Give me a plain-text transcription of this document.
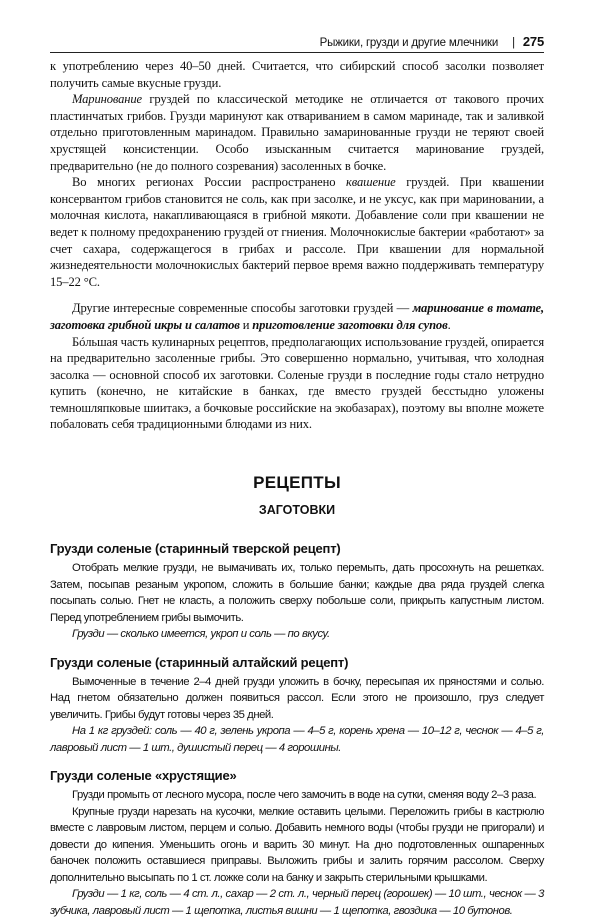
Рыжики, грузди и другие млечники | 275

к употреблению через 40–50 дней. Считается, что сибирский способ засолки позволяет получить самые вкусные грузди.

Маринование груздей по классической методике не отличается от такового прочих пластинчатых грибов. Грузди маринуют как отвариванием в самом маринаде, так и заливкой отдельно приготовленным маринадом. Правильно замаринованные грузди не теряют своей хрустящей консистенции. Особо изысканным считается маринование груздей, предварительно (не до полного созревания) засоленных в бочке.

Во многих регионах России распространено квашение груздей. При квашении консервантом грибов становится не соль, как при засолке, и не уксус, как при мариновании, а молочная кислота, накапливающаяся в грибной мякоти. Добавление соли при квашении не ведет к полному предохранению груздей от гниения. Молочнокислые бактерии «работают» за счет сахара, содержащегося в грибах и рассоле. При квашении для нормальной жизнедеятельности молочнокислых бактерий первое время важно поддерживать температуру 15–22 °С.

Другие интересные современные способы заготовки груздей — маринование в томате, заготовка грибной икры и салатов и приготовление заготовки для супов.

Бóльшая часть кулинарных рецептов, предполагающих использование груздей, опирается на предварительно засоленные грибы. Это совершенно нормально, учитывая, что холодная засолка — основной способ их заготовки. Соленые грузди в последние годы стало нетрудно купить (конечно, не китайские в банках, где вместо груздей бесстыдно уложены темношляпковые шиитакэ, а бочковые российские на экобазарах), поэтому вы вполне можете побаловать себя традиционными блюдами из них.

РЕЦЕПТЫ
ЗАГОТОВКИ
Грузди соленые (старинный тверской рецепт)

Отобрать мелкие грузди, не вымачивать их, только перемыть, дать просохнуть на решетках. Затем, посыпав резаным укропом, сложить в большие банки; каждые два ряда груздей слегка посыпать солью. Гнет не класть, а положить сверху побольше соли, прикрыть капустным листом. Перед употреблением грибы вымочить.

Грузди — сколько имеется, укроп и соль — по вкусу.

Грузди соленые (старинный алтайский рецепт)

Вымоченные в течение 2–4 дней грузди уложить в бочку, пересыпая их пряностями и солью. Над гнетом обязательно должен появиться рассол. Если этого не произошло, груз следует увеличить. Грибы будут готовы через 35 дней.

На 1 кг груздей: соль — 40 г, зелень укропа — 4–5 г, корень хрена — 10–12 г, чеснок — 4–5 г, лавровый лист — 1 шт., душистый перец — 4 горошины.

Грузди соленые «хрустящие»

Грузди промыть от лесного мусора, после чего замочить в воде на сутки, сменяя воду 2–3 раза.

Крупные грузди нарезать на кусочки, мелкие оставить целыми. Переложить грибы в кастрюлю вместе с лавровым листом, перцем и солью. Добавить немного воды (чтобы грузди не пригорали) и довести до кипения. Уменьшить огонь и варить 30 минут. На дно подготовленных ошпаренных баночек положить оставшиеся приправы. Выложить грибы и залить горячим рассолом. Сверху дополнительно высыпать по 1 ст. ложке соли на банку и закрыть стерильными крышками.

Грузди — 1 кг, соль — 4 ст. л., сахар — 2 ст. л., черный перец (горошек) — 10 шт., чеснок — 3 зубчика, лавровый лист — 1 щепотка, листья вишни — 1 щепотка, гвоздика — 10 бутонов.
